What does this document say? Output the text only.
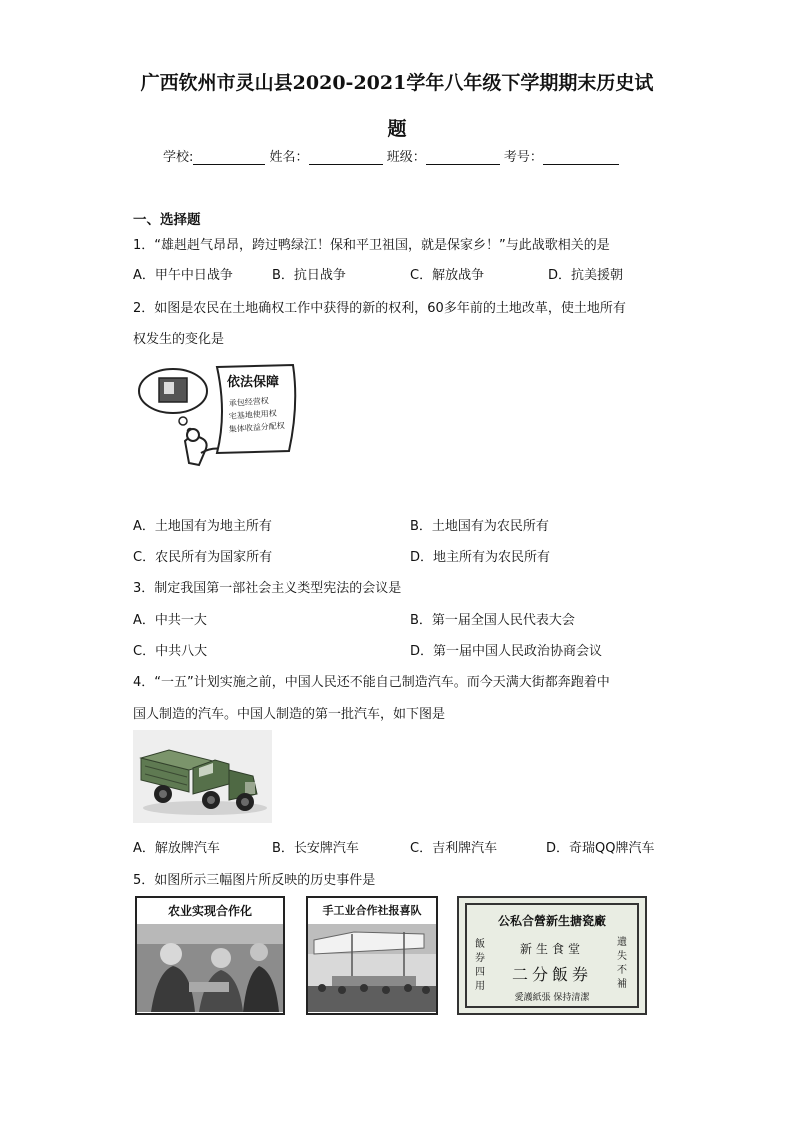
广西钦州市灵山县2020-2021学年八年级下学期期末历史试
题
学校:	姓名：	班级：	考号：
一、选择题
1．“雄赳赳气昂昂，跨过鸭绿江！保和平卫祖国，就是保家乡！”与此战歌相关的是
A．甲午中日战争	B．抗日战争	C．解放战争	D．抗美援朝
2．如图是农民在土地确权工作中获得的新的权利，60多年前的土地改革，使土地所有
权发生的变化是
依法保障
承包经营权
宅基地使用权
集体收益分配权
A．土地国有为地主所有	B．土地国有为农民所有
C．农民所有为国家所有	D．地主所有为农民所有
3．制定我国第一部社会主义类型宪法的会议是
A．中共一大	B．第一届全国人民代表大会
C．中共八大	D．第一届中国人民政治协商会议
4．“一五”计划实施之前，中国人民还不能自己制造汽车。而今天满大街都奔跑着中
国人制造的汽车。中国人制造的第一批汽车，如下图是
A．解放牌汽车	B．长安牌汽车	C．吉利牌汽车	D．奇瑞QQ牌汽车
5．如图所示三幅图片所反映的历史事件是
农业实现合作化	手工业合作社报喜队
公私合營新生搪瓷廠
新生食堂
二分飯券
飯券 四用
遺失不補
愛護紙張 保持清潔
